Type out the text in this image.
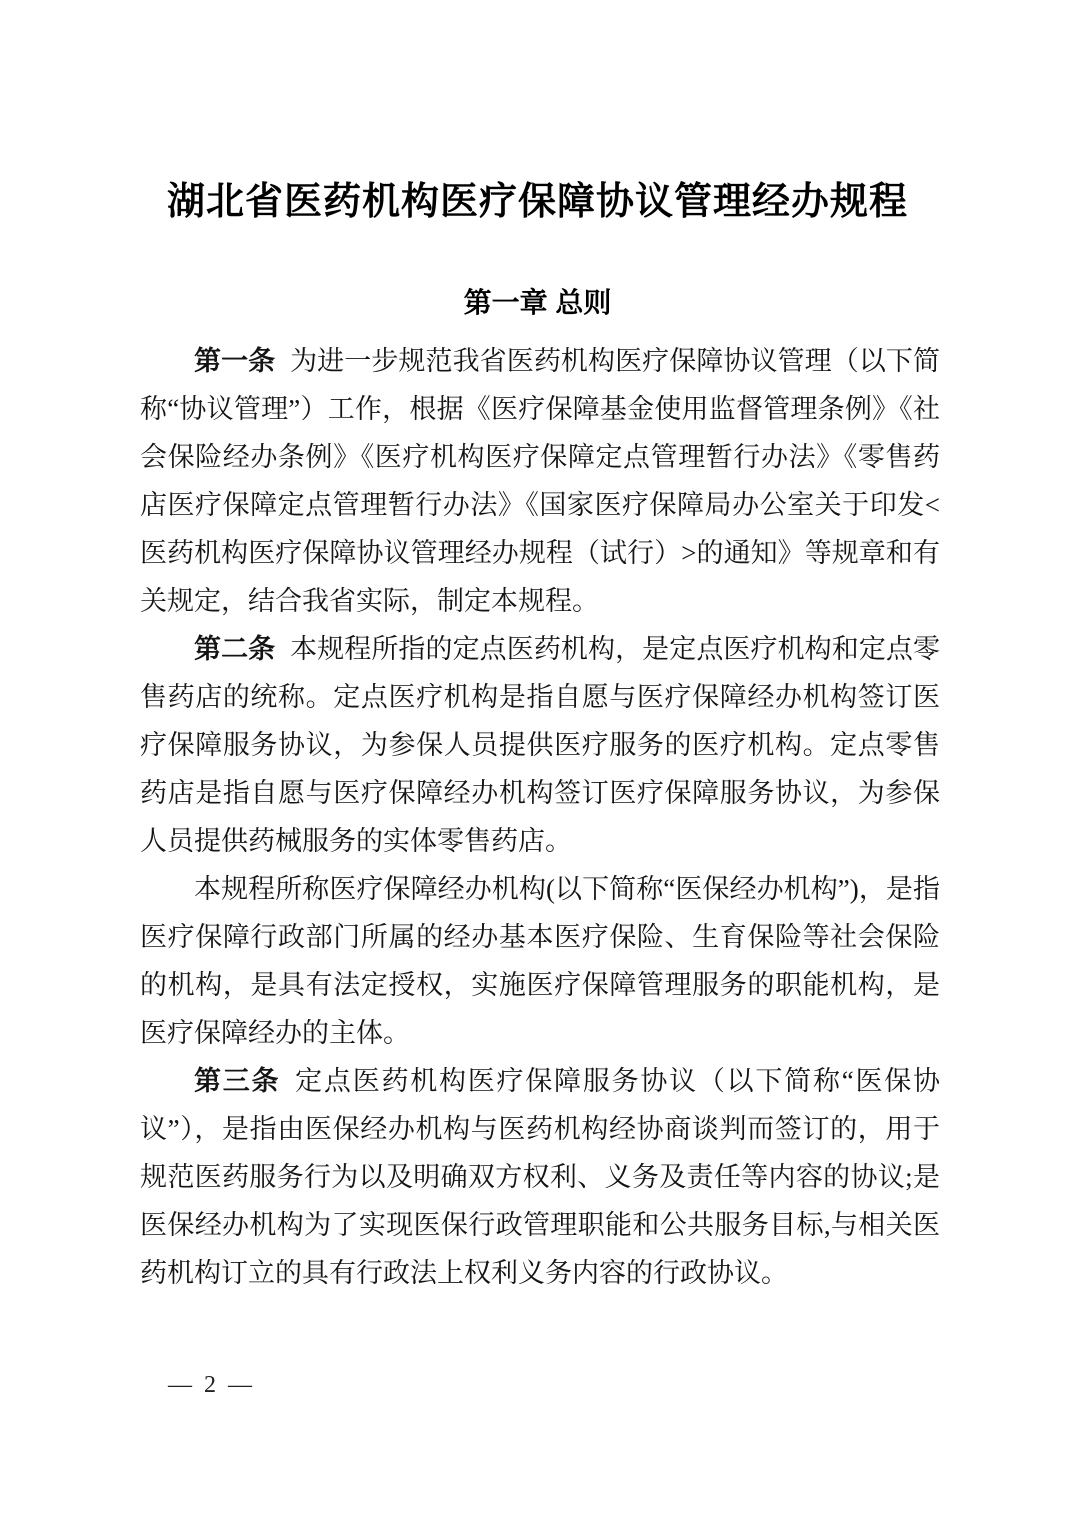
湖北省医药机构医疗保障协议管理经办规程
第一章 总则

第一条 为进一步规范我省医药机构医疗保障协议管理（以下简称“协议管理”）工作，根据《医疗保障基金使用监督管理条例》《社会保险经办条例》《医疗机构医疗保障定点管理暂行办法》《零售药店医疗保障定点管理暂行办法》《国家医疗保障局办公室关于印发<医药机构医疗保障协议管理经办规程（试行）>的通知》等规章和有关规定，结合我省实际，制定本规程。

第二条 本规程所指的定点医药机构，是定点医疗机构和定点零售药店的统称。定点医疗机构是指自愿与医疗保障经办机构签订医疗保障服务协议，为参保人员提供医疗服务的医疗机构。定点零售药店是指自愿与医疗保障经办机构签订医疗保障服务协议，为参保人员提供药械服务的实体零售药店。

本规程所称医疗保障经办机构(以下简称“医保经办机构”)，是指医疗保障行政部门所属的经办基本医疗保险、生育保险等社会保险的机构，是具有法定授权，实施医疗保障管理服务的职能机构，是医疗保障经办的主体。

第三条 定点医药机构医疗保障服务协议（以下简称“医保协议”），是指由医保经办机构与医药机构经协商谈判而签订的，用于规范医药服务行为以及明确双方权利、义务及责任等内容的协议;是医保经办机构为了实现医保行政管理职能和公共服务目标,与相关医药机构订立的具有行政法上权利义务内容的行政协议。

— 2 —
